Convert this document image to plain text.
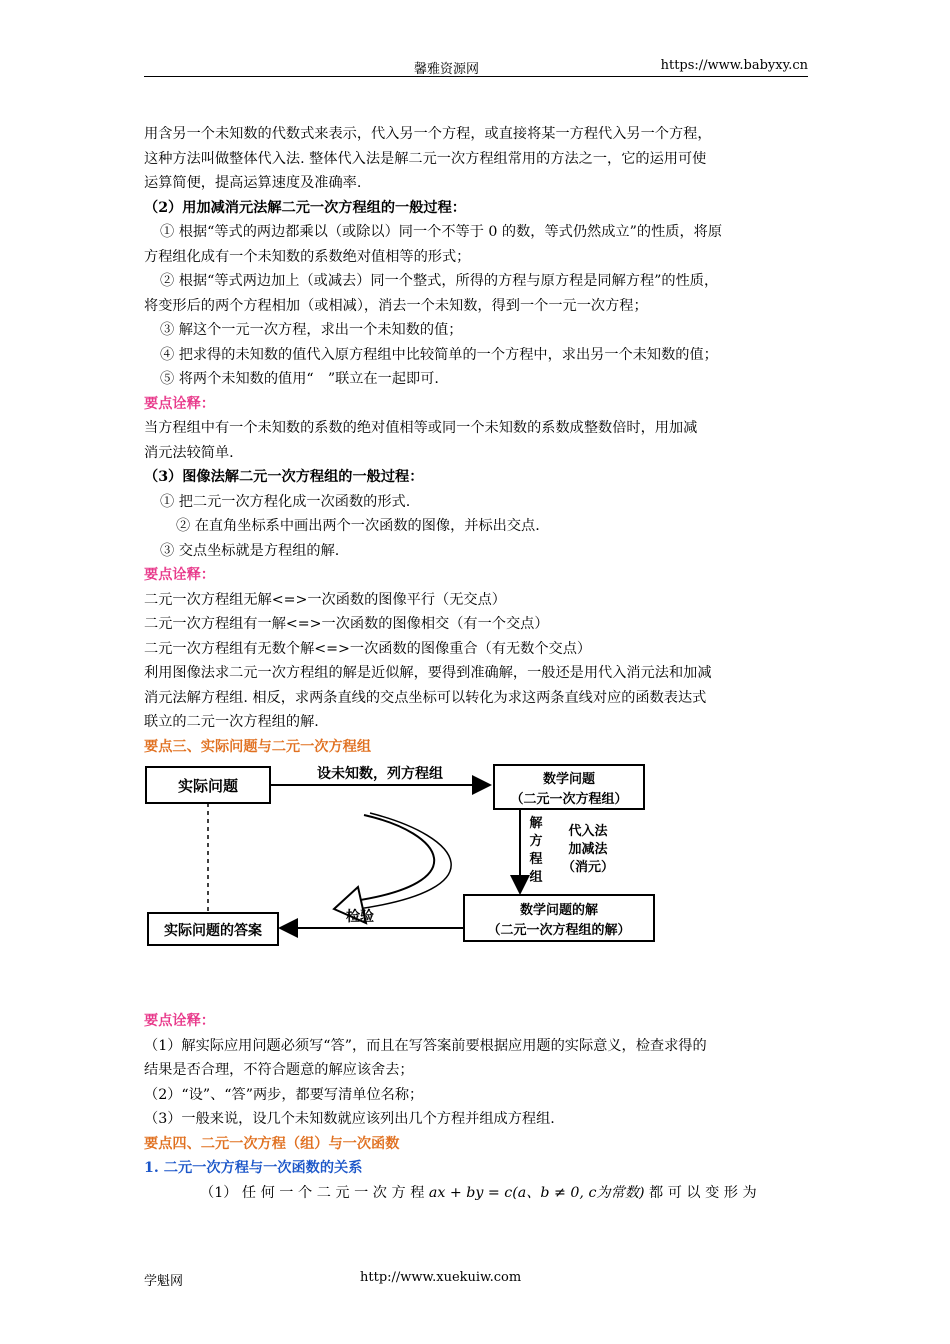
馨雅资源网	https://www.babyxy.cn

用含另一个未知数的代数式来表示，代入另一个方程，或直接将某一方程代入另一个方程，

这种方法叫做整体代入法. 整体代入法是解二元一次方程组常用的方法之一，它的运用可使

运算简便，提高运算速度及准确率.

（2）用加减消元法解二元一次方程组的一般过程：

① 根据“等式的两边都乘以（或除以）同一个不等于 0 的数，等式仍然成立”的性质，将原

方程组化成有一个未知数的系数绝对值相等的形式；

② 根据“等式两边加上（或减去）同一个整式，所得的方程与原方程是同解方程”的性质，

将变形后的两个方程相加（或相减），消去一个未知数，得到一个一元一次方程；

③ 解这个一元一次方程，求出一个未知数的值；

④ 把求得的未知数的值代入原方程组中比较简单的一个方程中，求出另一个未知数的值；

⑤ 将两个未知数的值用“　”联立在一起即可.

要点诠释：

当方程组中有一个未知数的系数的绝对值相等或同一个未知数的系数成整数倍时，用加减

消元法较简单.

（3）图像法解二元一次方程组的一般过程：

① 把二元一次方程化成一次函数的形式.

② 在直角坐标系中画出两个一次函数的图像，并标出交点.

③ 交点坐标就是方程组的解.

要点诠释：

二元一次方程组无解<=>一次函数的图像平行（无交点）

二元一次方程组有一解<=>一次函数的图像相交（有一个交点）

二元一次方程组有无数个解<=>一次函数的图像重合（有无数个交点）

利用图像法求二元一次方程组的解是近似解，要得到准确解，一般还是用代入消元法和加减

消元法解方程组. 相反，求两条直线的交点坐标可以转化为求这两条直线对应的函数表达式

联立的二元一次方程组的解.

要点三、实际问题与二元一次方程组

实际问题
设未知数，列方程组	数学问题
（二元一次方程组）
解
方
程
组
代入法
加减法
（消元）
数学问题的解
（二元一次方程组的解）
检验
实际问题的答案

要点诠释：

（1）解实际应用问题必须写“答”，而且在写答案前要根据应用题的实际意义，检查求得的

结果是否合理，不符合题意的解应该舍去；

（2）“设”、“答”两步，都要写清单位名称；

（3）一般来说，设几个未知数就应该列出几个方程并组成方程组.

要点四、二元一次方程（组）与一次函数

1. 二元一次方程与一次函数的关系

（1） 任 何 一 个 二 元 一 次 方 程 ax + by = c(a、b ≠ 0, c为常数) 都 可 以 变 形 为

学魁网	http://www.xuekuiw.com
